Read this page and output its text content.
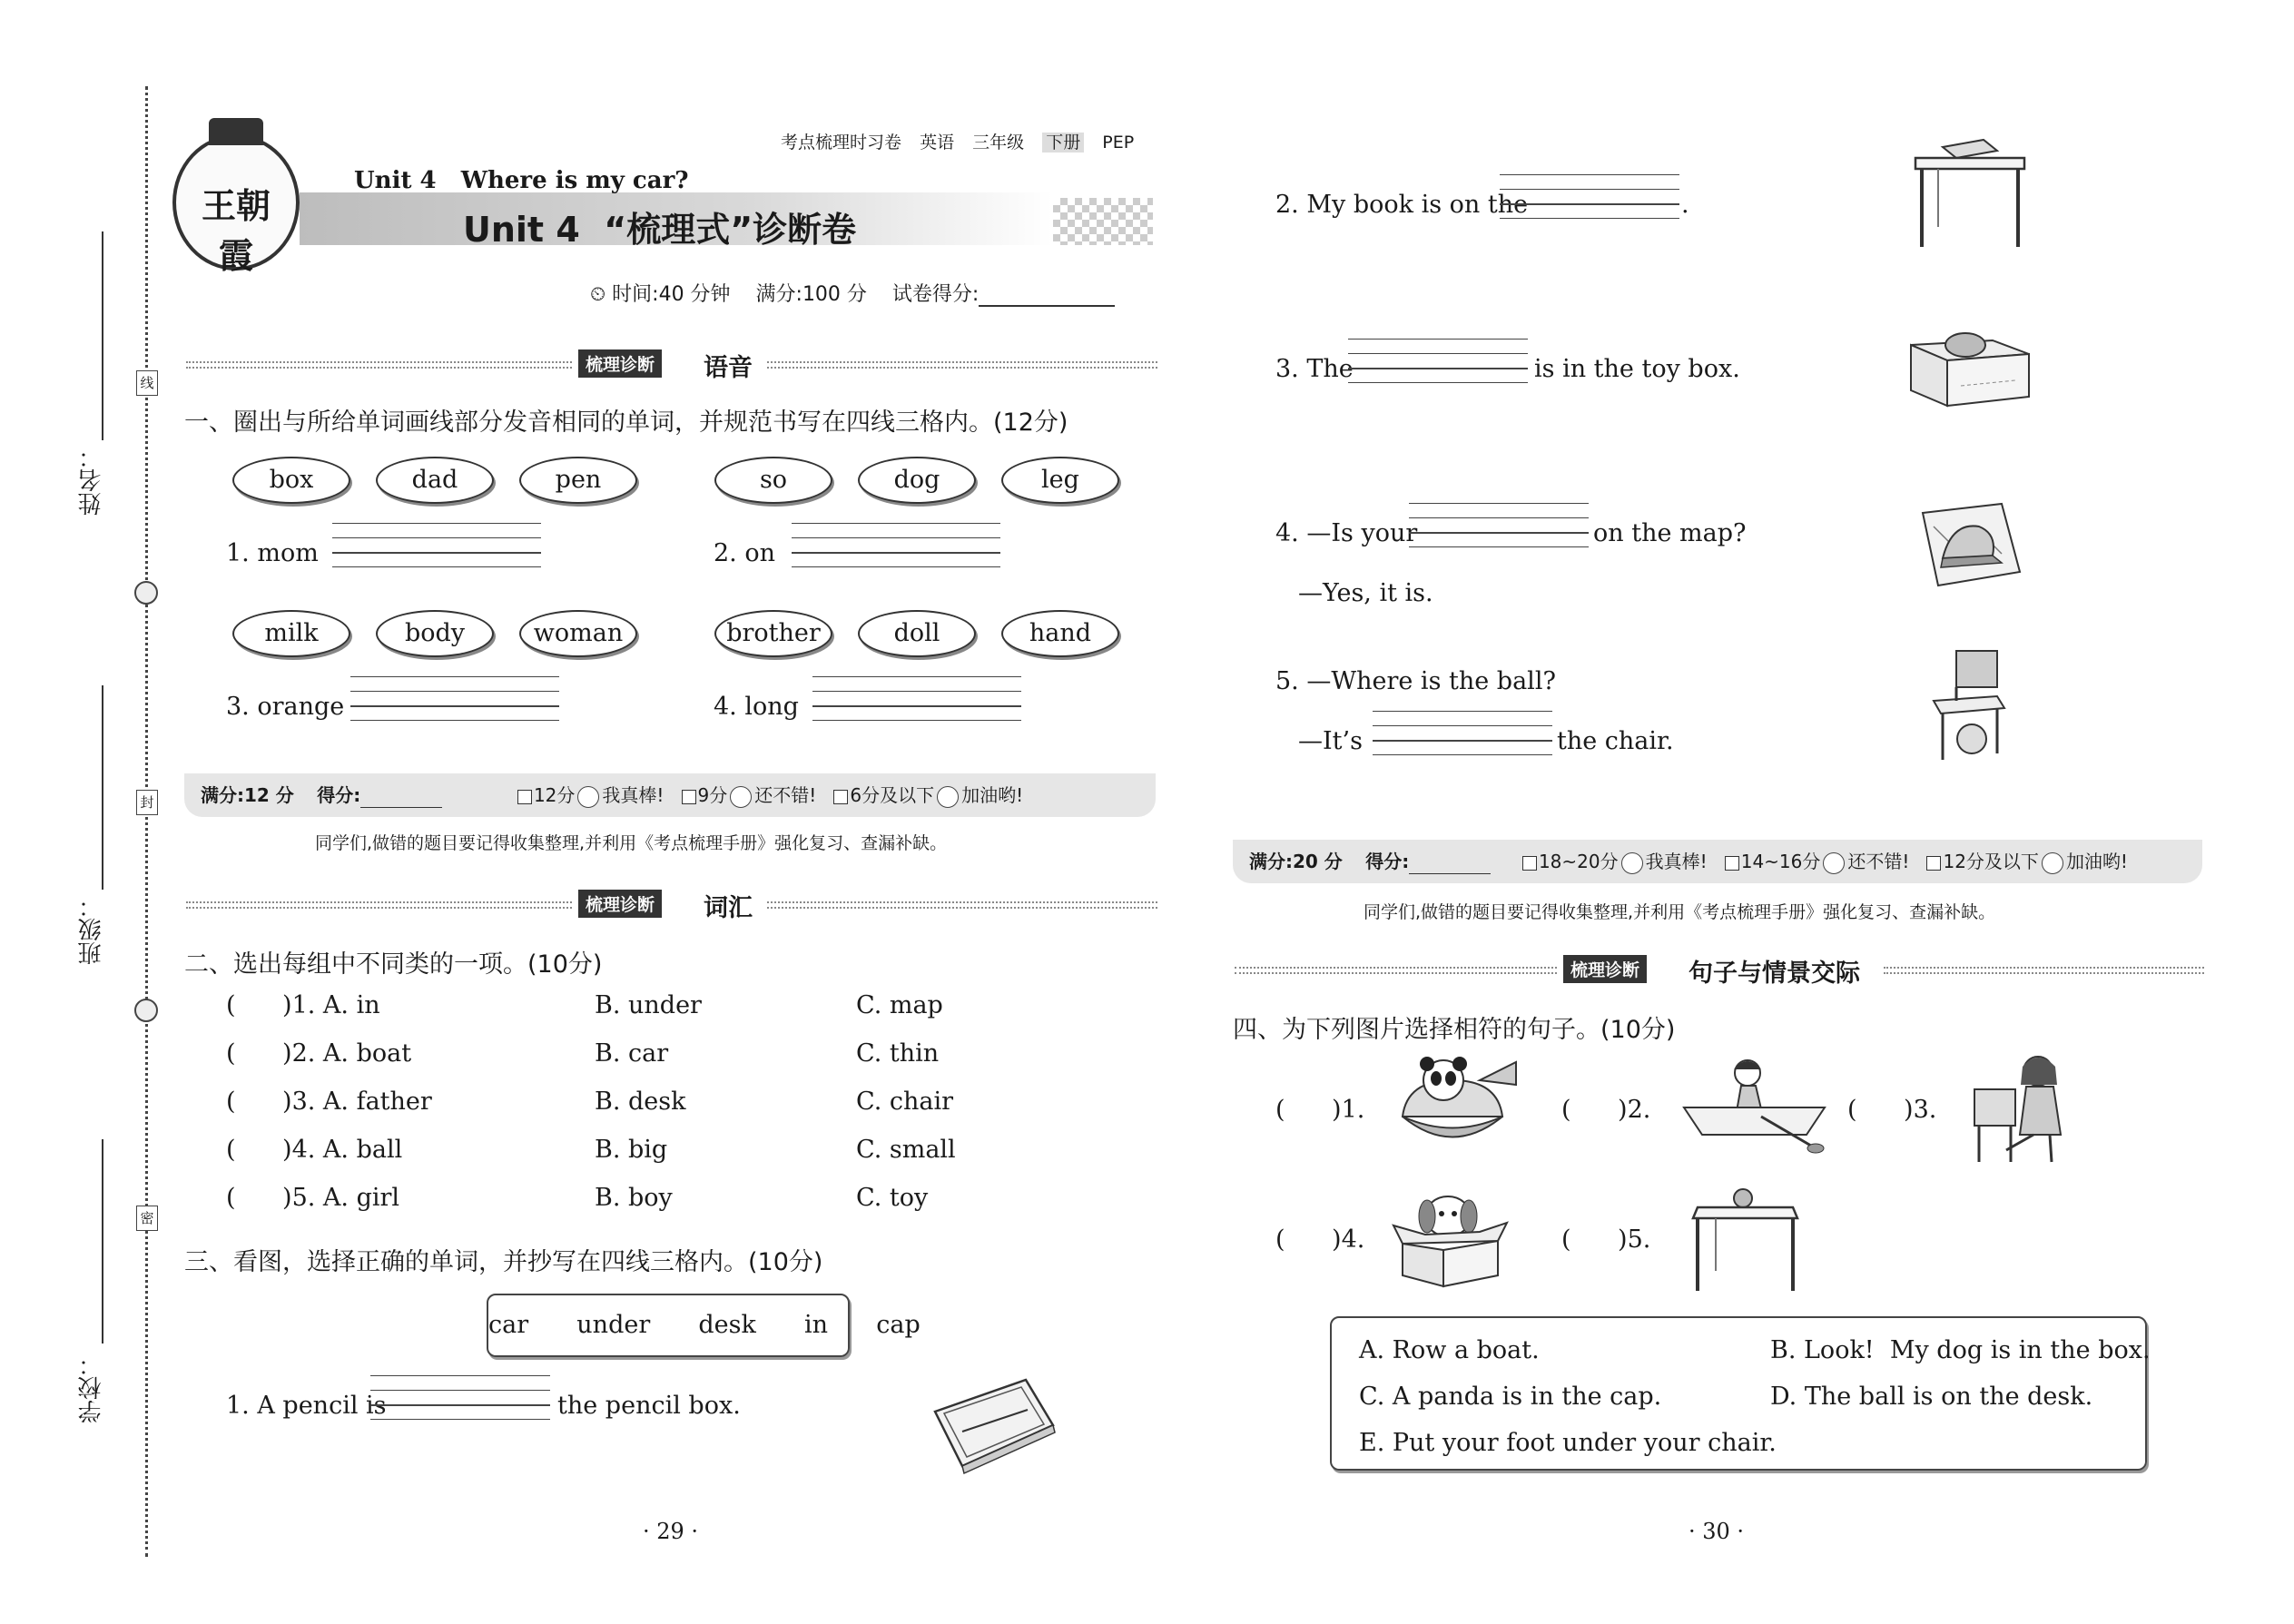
姓名：
班级：
学校：
线
封
密
王朝霞
考点梳理时习卷 英语 三年级 下册 PEP
Unit 4   Where is my car?
Unit 4  “梳理式”诊断卷
⏲ 时间:40 分钟    满分:100 分    试卷得分:
梳理诊断 语音
一、圈出与所给单词画线部分发音相同的单词，并规范书写在四线三格内。(12分)
box	dad	pen	so	dog	leg
1. mom	2. on
milk	body	woman	brother	doll	hand
3. orange	4. long
满分:12 分 得分:	12分 我真棒! 9分 还不错! 6分及以下 加油哟!
同学们,做错的题目要记得收集整理,并利用《考点梳理手册》强化复习、查漏补缺。
梳理诊断 词汇
二、选出每组中不同类的一项。(10分)
(      )1. A. in	B. under	C. map
(      )2. A. boat	B. car	C. thin
(      )3. A. father	B. desk	C. chair
(      )4. A. ball	B. big	C. small
(      )5. A. girl	B. boy	C. toy
三、看图，选择正确的单词，并抄写在四线三格内。(10分)
car  under  desk  in  cap
1. A pencil is	the pencil box.
· 29 ·
2. My book is on the	.
3. The	is in the toy box.
4. —Is your	on the map?
—Yes, it is.
5. —Where is the ball?
—It’s	the chair.
满分:20 分 得分:	18~20分 我真棒! 14~16分 还不错! 12分及以下 加油哟!
同学们,做错的题目要记得收集整理,并利用《考点梳理手册》强化复习、查漏补缺。
梳理诊断 句子与情景交际
四、为下列图片选择相符的句子。(10分)
(      )1.	(      )2.	(      )3.
(      )4.	(      )5.
A. Row a boat.	B. Look!  My dog is in the box.
C. A panda is in the cap.	D. The ball is on the desk.
E. Put your foot under your chair.
· 30 ·
